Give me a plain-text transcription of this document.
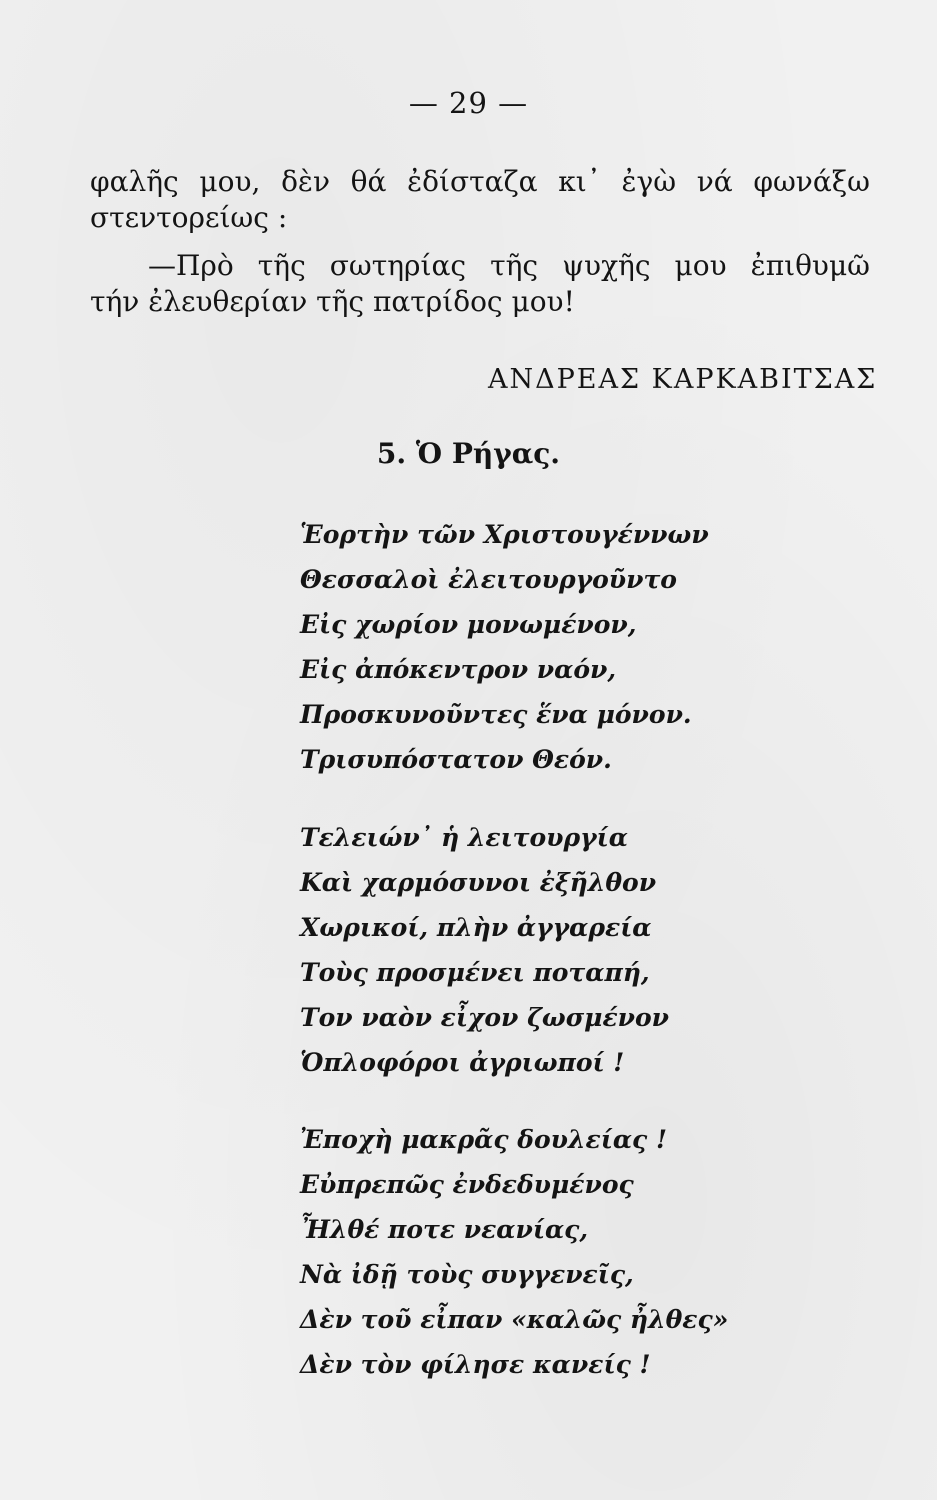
— 29 —
φαλῆς μου, δὲν θά ἐδίσταζα κι᾽ ἐγὼ νά φωνάξω
στεντορείως :
—Πρὸ τῆς σωτηρίας τῆς ψυχῆς μου ἐπιθυμῶ
τήν ἐλευθερίαν τῆς πατρίδος μου!
ΑΝΔΡΕΑΣ ΚΑΡΚΑΒΙΤΣΑΣ
5. Ὁ Ρήγας.
Ἑορτὴν τῶν Χριστουγέννων
Θεσσαλοὶ ἐλειτουργοῦντο
Εἰς χωρίον μονωμένον,
Εἰς ἀπόκεντρον ναόν,
Προσκυνοῦντες ἕνα μόνον.
Τρισυπόστατον Θεόν.
Τελειών᾽ ἡ λειτουργία
Καὶ χαρμόσυνοι ἐξῆλθον
Χωρικοί, πλὴν ἀγγαρεία
Τοὺς προσμένει ποταπή,
Τον ναὸν εἶχον ζωσμένον
Ὁπλοφόροι ἀγριωποί !
Ἐποχὴ μακρᾶς δουλείας !
Εὐπρεπῶς ἐνδεδυμένος
Ἦλθέ ποτε νεανίας,
Νὰ ἰδῇ τοὺς συγγενεῖς,
Δὲν τοῦ εἶπαν «καλῶς ἦλθες»
Δὲν τὸν φίλησε κανείς !
